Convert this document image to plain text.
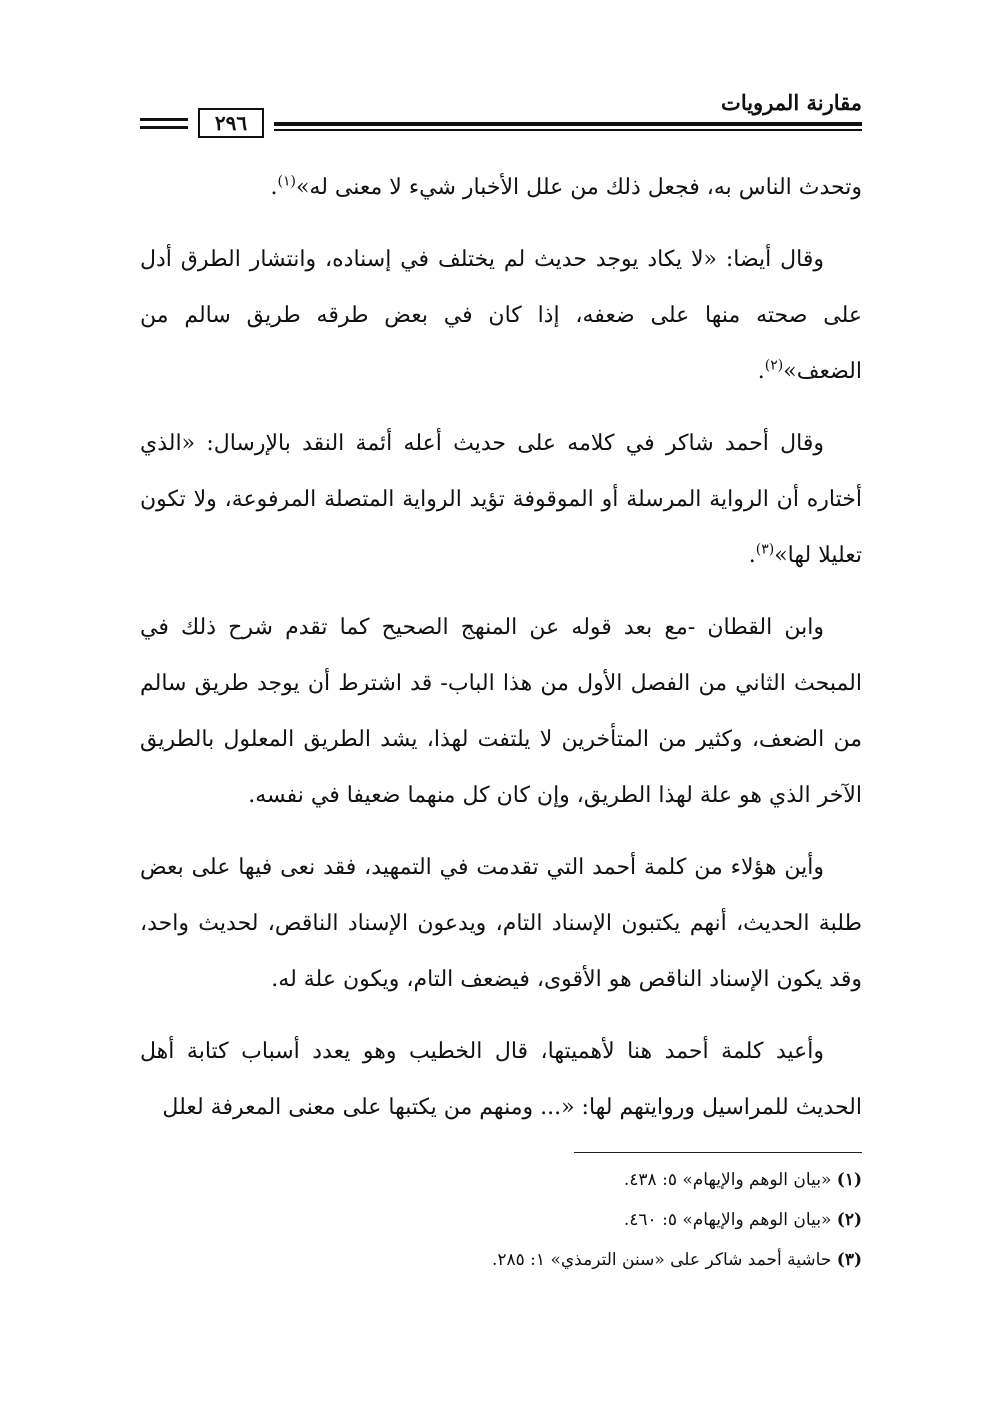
مقارنة المرويات
٢٩٦

وتحدث الناس به، فجعل ذلك من علل الأخبار شيء لا معنى له»$^{(١)}$.

وقال أيضا: «لا يكاد يوجد حديث لم يختلف في إسناده، وانتشار الطرق أدل على صحته منها على ضعفه، إذا كان في بعض طرقه طريق سالم من الضعف»$^{(٢)}$.

وقال أحمد شاكر في كلامه على حديث أعله أئمة النقد بالإرسال: «الذي أختاره أن الرواية المرسلة أو الموقوفة تؤيد الرواية المتصلة المرفوعة، ولا تكون تعليلا لها»$^{(٣)}$.

وابن القطان -مع بعد قوله عن المنهج الصحيح كما تقدم شرح ذلك في المبحث الثاني من الفصل الأول من هذا الباب- قد اشترط أن يوجد طريق سالم من الضعف، وكثير من المتأخرين لا يلتفت لهذا، يشد الطريق المعلول بالطريق الآخر الذي هو علة لهذا الطريق، وإن كان كل منهما ضعيفا في نفسه.

وأين هؤلاء من كلمة أحمد التي تقدمت في التمهيد، فقد نعى فيها على بعض طلبة الحديث، أنهم يكتبون الإسناد التام، ويدعون الإسناد الناقص، لحديث واحد، وقد يكون الإسناد الناقص هو الأقوى، فيضعف التام، ويكون علة له.

وأعيد كلمة أحمد هنا لأهميتها، قال الخطيب وهو يعدد أسباب كتابة أهل الحديث للمراسيل وروايتهم لها: «... ومنهم من يكتبها على معنى المعرفة لعلل

(١) «بيان الوهم والإيهام» ٥: ٤٣٨.

(٢) «بيان الوهم والإيهام» ٥: ٤٦٠.

(٣) حاشية أحمد شاكر على «سنن الترمذي» ١: ٢٨٥.
